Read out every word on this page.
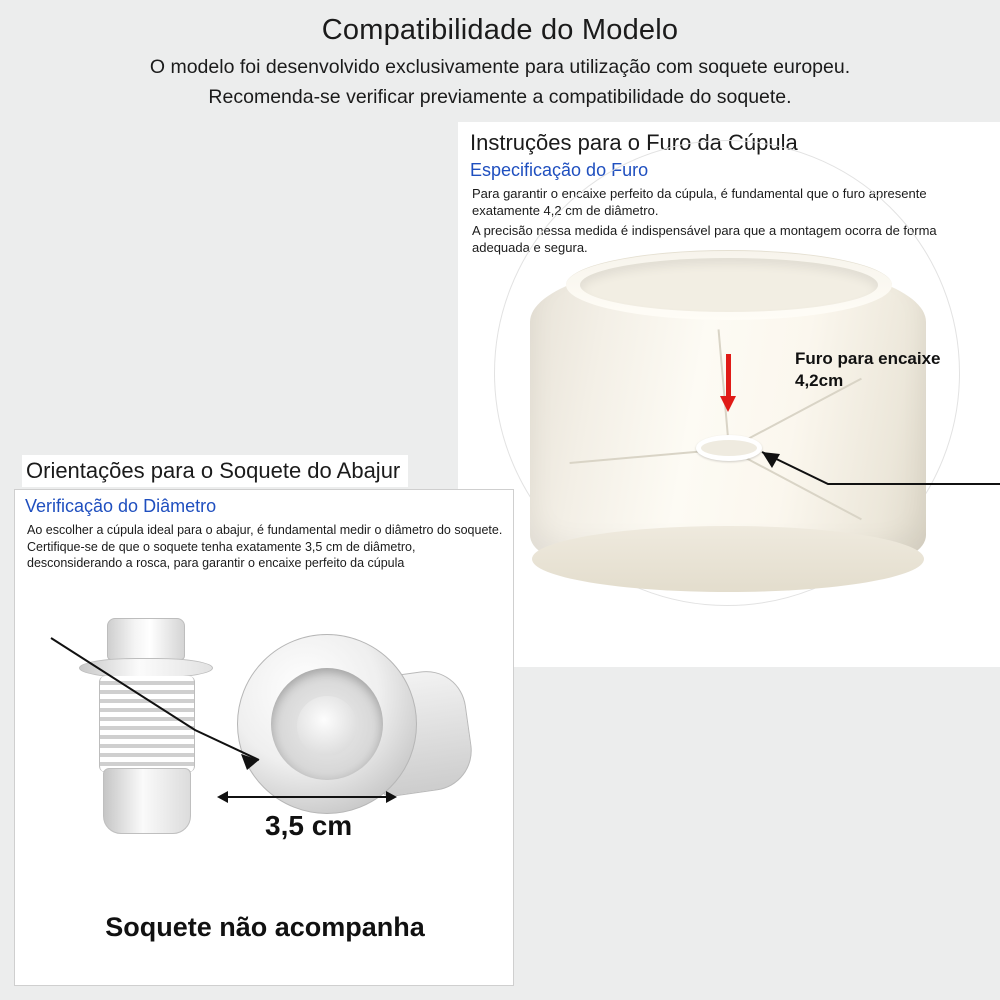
Compatibilidade do Modelo
O modelo foi desenvolvido exclusivamente para utilização com soquete europeu.
Recomenda-se verificar previamente a compatibilidade do soquete.
Instruções para o Furo da Cúpula
Especificação do Furo
Para garantir o encaixe perfeito da cúpula, é fundamental que o furo apresente exatamente 4,2 cm de diâmetro.
A precisão nessa medida é indispensável para que a montagem ocorra de forma adequada e segura.
Furo para encaixe
4,2cm
Orientações para o Soquete do Abajur
Verificação do Diâmetro
Ao escolher a cúpula ideal para o abajur, é fundamental medir o diâmetro do soquete. Certifique-se de que o soquete tenha exatamente 3,5 cm de diâmetro, desconsiderando a rosca, para garantir o encaixe perfeito da cúpula
3,5 cm
Soquete não acompanha
